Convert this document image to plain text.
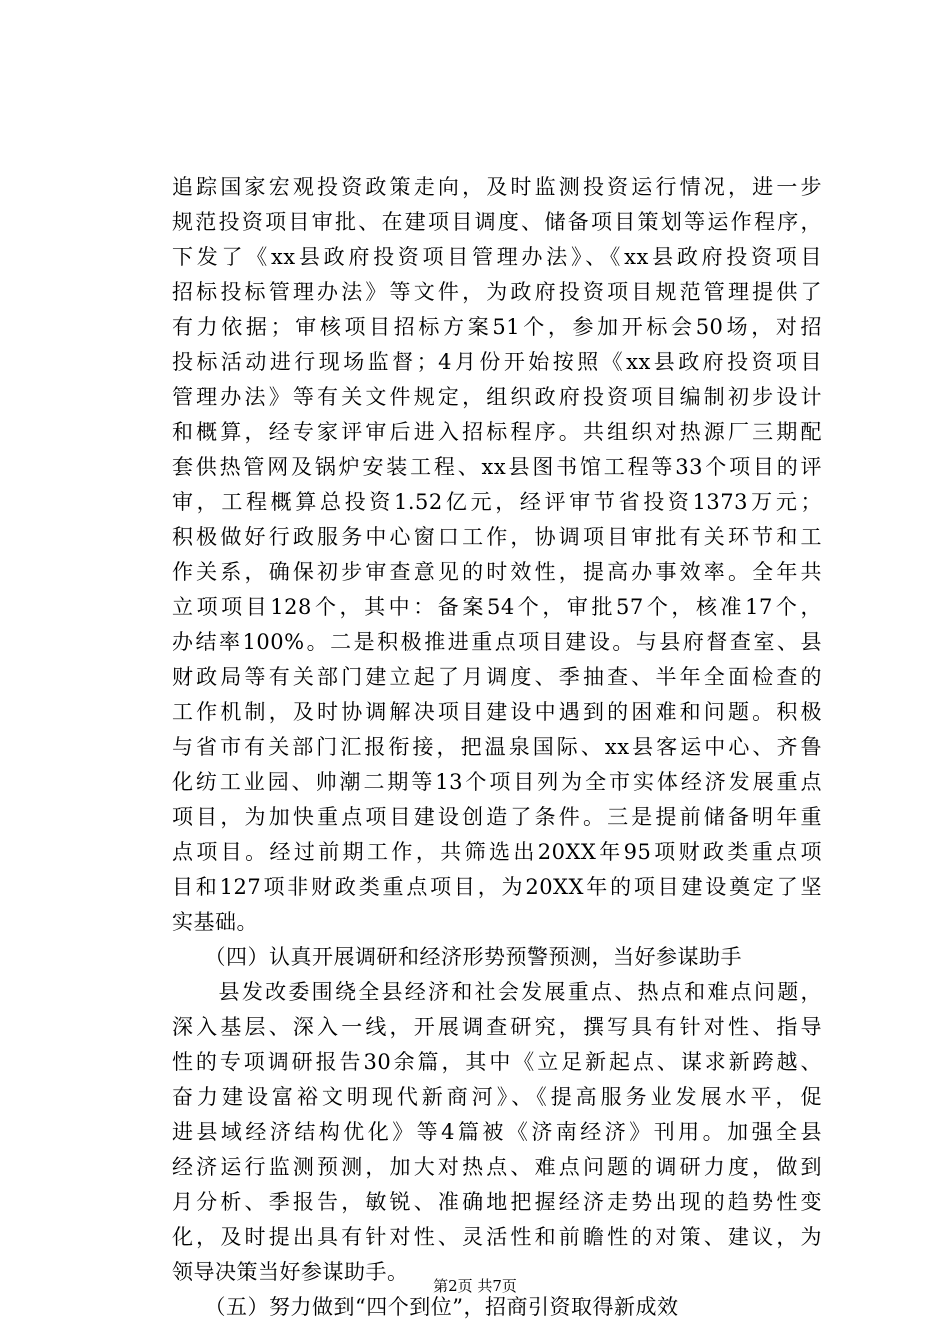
追踪国家宏观投资政策走向，及时监测投资运行情况，进一步
规范投资项目审批、在建项目调度、储备项目策划等运作程序，
下发了《xx县政府投资项目管理办法》、《xx县政府投资项目
招标投标管理办法》等文件，为政府投资项目规范管理提供了
有力依据；审核项目招标方案51个，参加开标会50场，对招
投标活动进行现场监督；4月份开始按照《xx县政府投资项目
管理办法》等有关文件规定，组织政府投资项目编制初步设计
和概算，经专家评审后进入招标程序。共组织对热源厂三期配
套供热管网及锅炉安装工程、xx县图书馆工程等33个项目的评
审，工程概算总投资1.52亿元，经评审节省投资1373万元；
积极做好行政服务中心窗口工作，协调项目审批有关环节和工
作关系，确保初步审查意见的时效性，提高办事效率。全年共
立项项目128个，其中：备案54个，审批57个，核准17个，
办结率100%。二是积极推进重点项目建设。与县府督查室、县
财政局等有关部门建立起了月调度、季抽查、半年全面检查的
工作机制，及时协调解决项目建设中遇到的困难和问题。积极
与省市有关部门汇报衔接，把温泉国际、xx县客运中心、齐鲁
化纺工业园、帅潮二期等13个项目列为全市实体经济发展重点
项目，为加快重点项目建设创造了条件。三是提前储备明年重
点项目。经过前期工作，共筛选出20XX年95项财政类重点项
目和127项非财政类重点项目，为20XX年的项目建设奠定了坚
实基础。
　　（四）认真开展调研和经济形势预警预测，当好参谋助手
　　县发改委围绕全县经济和社会发展重点、热点和难点问题，
深入基层、深入一线，开展调查研究，撰写具有针对性、指导
性的专项调研报告30余篇，其中《立足新起点、谋求新跨越、
奋力建设富裕文明现代新商河》、《提高服务业发展水平，促
进县域经济结构优化》等4篇被《济南经济》刊用。加强全县
经济运行监测预测，加大对热点、难点问题的调研力度，做到
月分析、季报告，敏锐、准确地把握经济走势出现的趋势性变
化，及时提出具有针对性、灵活性和前瞻性的对策、建议，为
领导决策当好参谋助手。
　　（五）努力做到“四个到位”，招商引资取得新成效
第2页 共7页
